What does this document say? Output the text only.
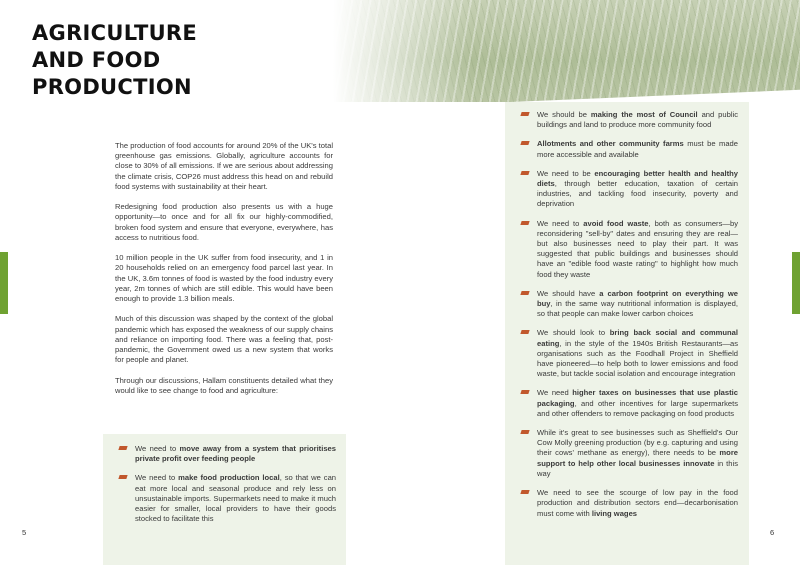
AGRICULTURE
AND FOOD
PRODUCTION

The production of food accounts for around 20% of the UK's total greenhouse gas emissions. Globally, agriculture accounts for close to 30% of all emissions. If we are serious about addressing the climate crisis, COP26 must address this head on and rebuild food systems with sustainability at their heart.

Redesigning food production also presents us with a huge opportunity—to once and for all fix our highly-commodified, broken food system and ensure that everyone, everywhere, has access to nutritious food.

10 million people in the UK suffer from food insecurity, and 1 in 20 households relied on an emergency food parcel last year. In the UK, 3.6m tonnes of food is wasted by the food industry every year, 2m tonnes of which are still edible. This would have been enough to provide 1.3 billion meals.

Much of this discussion was shaped by the context of the global pandemic which has exposed the weakness of our supply chains and reliance on importing food. There was a feeling that, post-pandemic, the Government owed us a new system that works for people and planet.

Through our discussions, Hallam constituents detailed what they would like to see change to food and agriculture:

We need to move away from a system that prioritises private profit over feeding people
We need to make food production local, so that we can eat more local and seasonal produce and rely less on unsustainable imports. Supermarkets need to make it much easier for smaller, local providers to have their goods stocked to facilitate this
5
We should be making the most of Council and public buildings and land to produce more community food
Allotments and other community farms must be made more accessible and available
We need to be encouraging better health and healthy diets, through better education, taxation of certain industries, and tackling food insecurity, poverty and deprivation
We need to avoid food waste, both as consumers—by reconsidering "sell-by" dates and ensuring they are real—but also businesses need to play their part. It was suggested that public buildings and businesses should have an "edible food waste rating" to highlight how much food they waste
We should have a carbon footprint on everything we buy, in the same way nutritional information is displayed, so that people can make lower carbon choices
We should look to bring back social and communal eating, in the style of the 1940s British Restaurants—as organisations such as the Foodhall Project in Sheffield have pioneered—to help both to lower emissions and food waste, but tackle social isolation and encourage integration
We need higher taxes on businesses that use plastic packaging, and other incentives for large supermarkets and other offenders to remove packaging on food products
While it's great to see businesses such as Sheffield's Our Cow Molly greening production (by e.g. capturing and using their cows' methane as energy), there needs to be more support to help other local businesses innovate in this way
We need to see the scourge of low pay in the food production and distribution sectors end—decarbonisation must come with living wages
6
